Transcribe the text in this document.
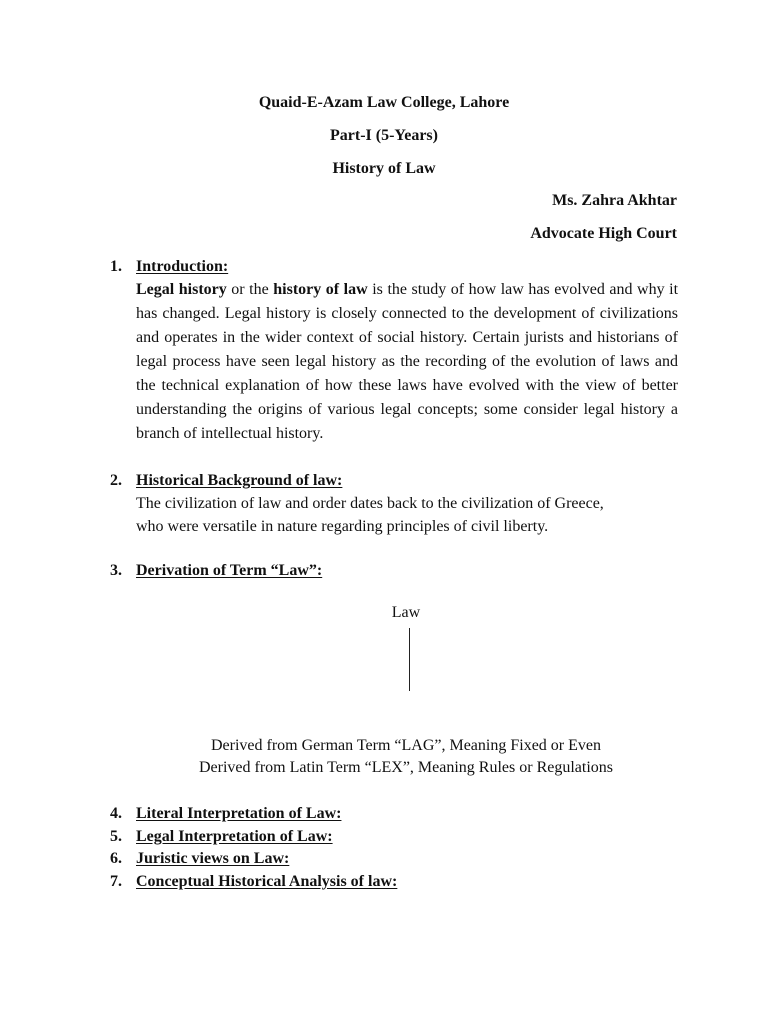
Quaid-E-Azam Law College, Lahore
Part-I (5-Years)
History of Law
Ms. Zahra Akhtar
Advocate High Court
1. Introduction:
Legal history or the history of law is the study of how law has evolved and why it has changed. Legal history is closely connected to the development of civilizations and operates in the wider context of social history. Certain jurists and historians of legal process have seen legal history as the recording of the evolution of laws and the technical explanation of how these laws have evolved with the view of better understanding the origins of various legal concepts; some consider legal history a branch of intellectual history.
2. Historical Background of law:
The civilization of law and order dates back to the civilization of Greece,
who were versatile in nature regarding principles of civil liberty.
3. Derivation of Term “Law”:
Law
Derived from German Term “LAG”, Meaning Fixed or Even
Derived from Latin Term “LEX”, Meaning Rules or Regulations
4. Literal Interpretation of Law:
5. Legal Interpretation of Law:
6. Juristic views on Law:
7. Conceptual Historical Analysis of law:
